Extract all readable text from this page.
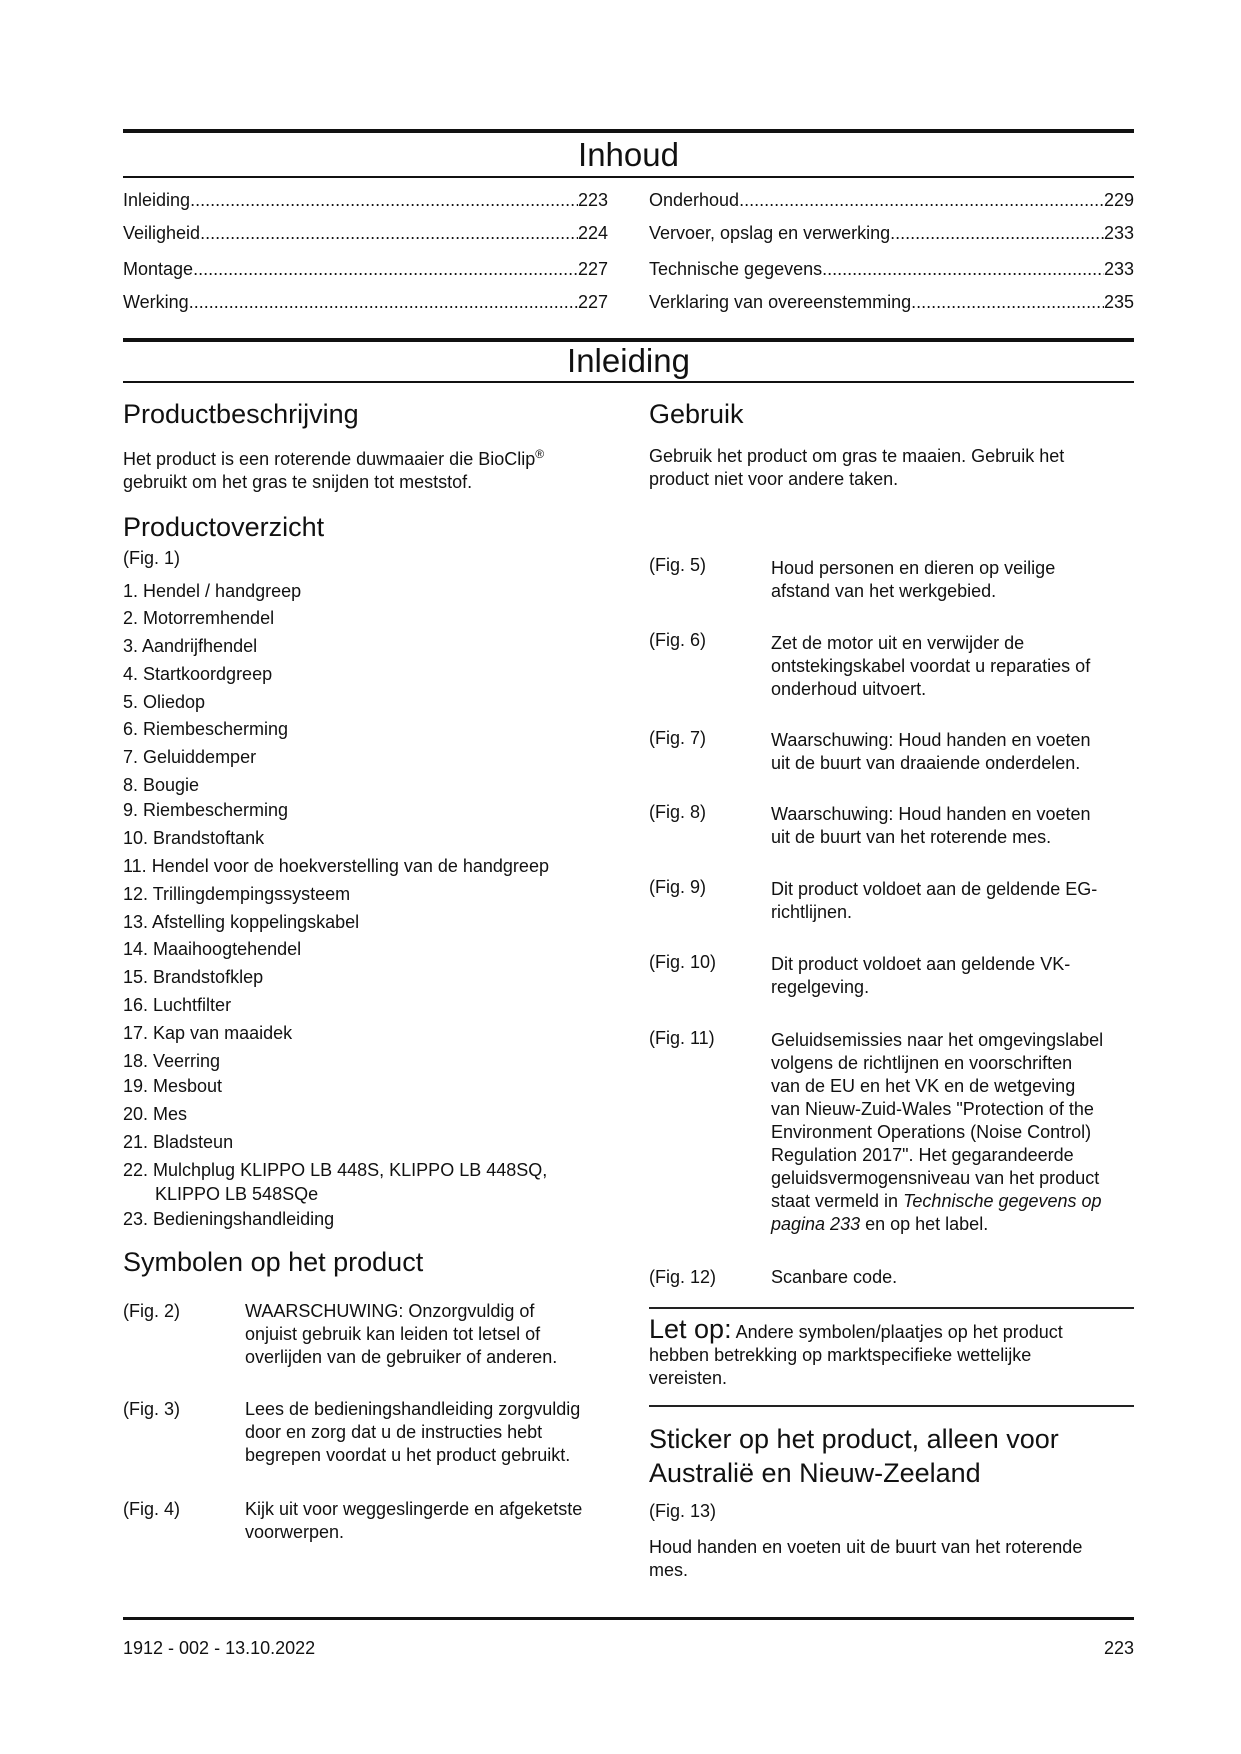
Inhoud
Inleiding .....	223
Veiligheid .....	224
Montage .....	227
Werking .....	227
Onderhoud .....	229
Vervoer, opslag en verwerking .....	233
Technische gegevens .....	233
Verklaring van overeenstemming .....	235
Inleiding
Productbeschrijving
Het product is een roterende duwmaaier die BioClip®
gebruikt om het gras te snijden tot meststof.
Productoverzicht
(Fig. 1)
1. Hendel / handgreep
2. Motorremhendel
3. Aandrijfhendel
4. Startkoordgreep
5. Oliedop
6. Riembescherming
7. Geluiddemper
8. Bougie
9. Riembescherming
10. Brandstoftank
11. Hendel voor de hoekverstelling van de handgreep
12. Trillingdempingssysteem
13. Afstelling koppelingskabel
14. Maaihoogtehendel
15. Brandstofklep
16. Luchtfilter
17. Kap van maaidek
18. Veerring
19. Mesbout
20. Mes
21. Bladsteun
22. Mulchplug KLIPPO LB 448S, KLIPPO LB 448SQ,
KLIPPO LB 548SQe
23. Bedieningshandleiding
Symbolen op het product
(Fig. 2)	WAARSCHUWING: Onzorgvuldig of
onjuist gebruik kan leiden tot letsel of
overlijden van de gebruiker of anderen.
(Fig. 3)	Lees de bedieningshandleiding zorgvuldig
door en zorg dat u de instructies hebt
begrepen voordat u het product gebruikt.
(Fig. 4)	Kijk uit voor weggeslingerde en afgeketste
voorwerpen.
Gebruik
Gebruik het product om gras te maaien. Gebruik het
product niet voor andere taken.
(Fig. 5)	Houd personen en dieren op veilige
afstand van het werkgebied.
(Fig. 6)	Zet de motor uit en verwijder de
ontstekingskabel voordat u reparaties of
onderhoud uitvoert.
(Fig. 7)	Waarschuwing: Houd handen en voeten
uit de buurt van draaiende onderdelen.
(Fig. 8)	Waarschuwing: Houd handen en voeten
uit de buurt van het roterende mes.
(Fig. 9)	Dit product voldoet aan de geldende EG-
richtlijnen.
(Fig. 10)	Dit product voldoet aan geldende VK-
regelgeving.
(Fig. 11)	Geluidsemissies naar het omgevingslabel
volgens de richtlijnen en voorschriften
van de EU en het VK en de wetgeving
van Nieuw-Zuid-Wales "Protection of the
Environment Operations (Noise Control)
Regulation 2017". Het gegarandeerde
geluidsvermogensniveau van het product
staat vermeld in Technische gegevens op
pagina 233 en op het label.
(Fig. 12)	Scanbare code.
Let op: Andere symbolen/plaatjes op het product
hebben betrekking op marktspecifieke wettelijke
vereisten.
Sticker op het product, alleen voor
Australië en Nieuw-Zeeland
(Fig. 13)
Houd handen en voeten uit de buurt van het roterende
mes.
1912 - 002 - 13.10.2022	223
